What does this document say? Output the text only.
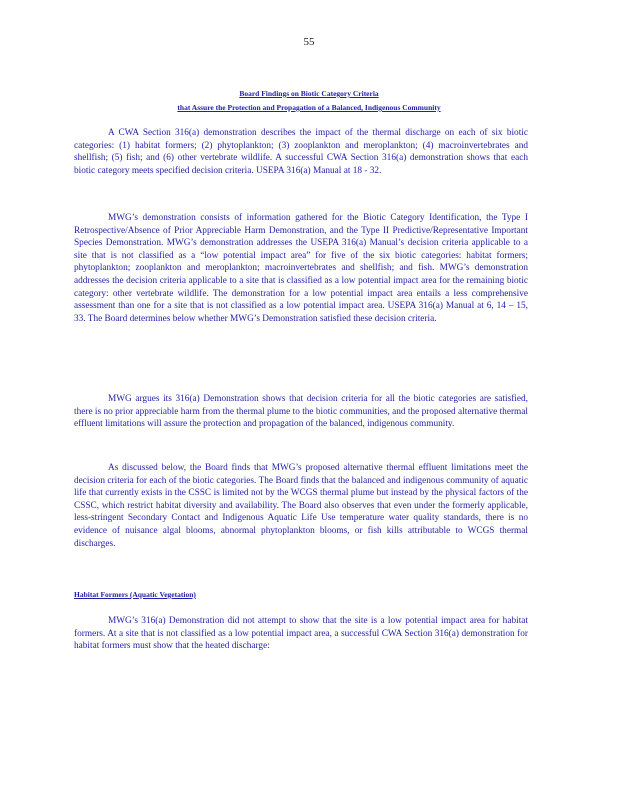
55
Board Findings on Biotic Category Criteria
that Assure the Protection and Propagation of a Balanced, Indigenous Community

A CWA Section 316(a) demonstration describes the impact of the thermal discharge on each of six biotic categories: (1) habitat formers; (2) phytoplankton; (3) zooplankton and meroplankton; (4) macroinvertebrates and shellfish; (5) fish; and (6) other vertebrate wildlife. A successful CWA Section 316(a) demonstration shows that each biotic category meets specified decision criteria. USEPA 316(a) Manual at 18 - 32.

MWG’s demonstration consists of information gathered for the Biotic Category Identification, the Type I Retrospective/Absence of Prior Appreciable Harm Demonstration, and the Type II Predictive/Representative Important Species Demonstration. MWG’s demonstration addresses the USEPA 316(a) Manual’s decision criteria applicable to a site that is not classified as a “low potential impact area” for five of the six biotic categories: habitat formers; phytoplankton; zooplankton and meroplankton; macroinvertebrates and shellfish; and fish. MWG’s demonstration addresses the decision criteria applicable to a site that is classified as a low potential impact area for the remaining biotic category: other vertebrate wildlife. The demonstration for a low potential impact area entails a less comprehensive assessment than one for a site that is not classified as a low potential impact area. USEPA 316(a) Manual at 6, 14 – 15, 33. The Board determines below whether MWG’s Demonstration satisfied these decision criteria.

MWG argues its 316(a) Demonstration shows that decision criteria for all the biotic categories are satisfied, there is no prior appreciable harm from the thermal plume to the biotic communities, and the proposed alternative thermal effluent limitations will assure the protection and propagation of the balanced, indigenous community.

As discussed below, the Board finds that MWG’s proposed alternative thermal effluent limitations meet the decision criteria for each of the biotic categories. The Board finds that the balanced and indigenous community of aquatic life that currently exists in the CSSC is limited not by the WCGS thermal plume but instead by the physical factors of the CSSC, which restrict habitat diversity and availability. The Board also observes that even under the formerly applicable, less-stringent Secondary Contact and Indigenous Aquatic Life Use temperature water quality standards, there is no evidence of nuisance algal blooms, abnormal phytoplankton blooms, or fish kills attributable to WCGS thermal discharges.

Habitat Formers (Aquatic Vegetation)

MWG’s 316(a) Demonstration did not attempt to show that the site is a low potential impact area for habitat formers. At a site that is not classified as a low potential impact area, a successful CWA Section 316(a) demonstration for habitat formers must show that the heated discharge:
